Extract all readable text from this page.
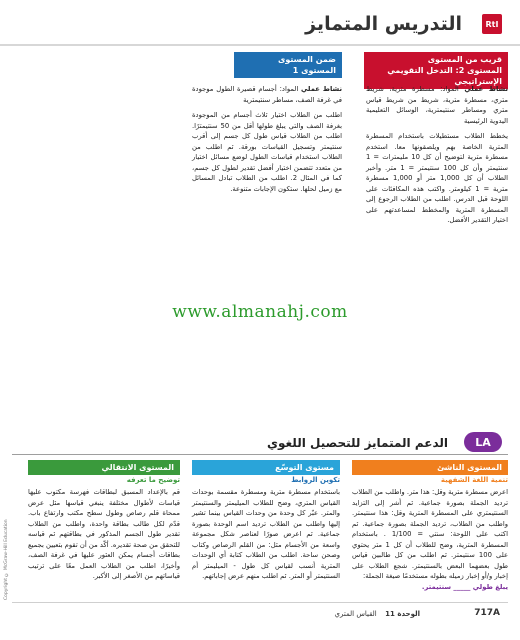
التدريس المتمايز	RtI
قريب من المستوى
المستوى 2: التدخل التقويمي الإستراتيجي

نشاط عملي المواد: مسطرة مترية، شريط متري، مسطرة مترية، شريط من شريط قياس متري ومساطر سنتيمترية، الوسائل التعليمية اليدوية الرئيسية

يخطط الطلاب مستطيلات باستخدام المسطرة المترية الخاصة بهم ويلصقونها معا. استخدم مسطرة مترية لتوضيح أن كل 10 مليمترات = 1 سنتيمتر وأن كل 100 سنتيمتر = 1 متر. وأخبر الطلاب أن كل 1,000 متر أو 1,000 مسطرة مترية = 1 كيلومتر. واكتب هذه المكافئات على اللوحة قبل الدرس. اطلب من الطلاب الرجوع إلى المسطرة المترية والمخطط لمساعدتهم على اختيار التقدير الأفضل.

ضمن المستوى
المستوى 1

نشاط عملي المواد: أجسام قصيرة الطول موجودة في غرفة الصف، مساطر سنتيمترية

اطلب من الطلاب اختيار ثلاث أجسام من الموجودة بغرفة الصف والتي يبلغ طولها أقل من 50 سنتيمترًا. اطلب من الطلاب قياس طول كل جسم إلى أقرب سنتيمتر وتسجيل القياسات بورقة. ثم اطلب من الطلاب استخدام قياسات الطول لوضع مسائل اختيار من متعدد تتضمن اختيار أفضل تقدير لطول كل جسم، كما في المثال 2. اطلب من الطلاب تبادل المسائل مع زميل لحلها. ستكون الإجابات متنوعة.

www.almanahj.com
LA
الدعم المتمايز للتحصيل اللغوي
المستوى الناشئ
تنمية اللغة الشفهية

اعرض مسطرة مترية وقل: هذا متر. واطلب من الطلاب ترديد الجملة بصورة جماعية. ثم أشر إلى التزايد السنتيمتري على المسطرة المترية وقل: هذا سنتيمتر. واطلب من الطلاب، ترديد الجملة بصورة جماعية. ثم اكتب على اللوحة: سنتي = 1/100 . باستخدام المسطرة المترية، وضح للطلاب أن كل 1 متر يحتوي على 100 سنتيمتر. ثم اطلب من كل طالبين قياس طول بعضهما البعض بالسنتيمتر. شجع الطلاب على إخبار و/أو إخبار زميله بطوله مستخدمًا صيغة الجملة:

يبلغ طولي _____ سنتيمتر.

مستوى التوسّع
تكوين الروابط

باستخدام مسطرة مترية ومسطرة مقسمة بوحدات القياس المتري، وضح للطلاب الميليمتر والسنتيمتر والمتر. عبّر كل وحدة من وحدات القياس بينما تشير إليها واطلب من الطلاب ترديد اسم الوحدة بصورة جماعية. ثم اعرض صورًا لعناصر شكل مجموعة واسعة من الأجسام مثل: من القلم الرصاص وكتاب وصحن ساحة. اطلب من الطلاب كتابة أي الوحدات المترية أنسب لقياس كل طول - الميليمتر أم السنتيمتر أو المتر. ثم اطلب منهم عرض إجاباتهم.

المستوى الانتقالي
توضيح ما تعرفه

قم بالإعداد المسبق لبطاقات فهرسة مكتوب عليها قياسات لأطوال مختلفة ينبغي قياسها مثل عرض ممحاة قلم رصاص وطول سطح مكتب وارتفاع باب. قدّم لكل طالب بطاقة واحدة، واطلب من الطلاب تقدير طول الجسم المذكور في بطاقتهم ثم قياسه للتحقق من صحة تقديره. أكّد من أن تقوم بتعيين بجميع بطاقات أجسام يمكن العثور عليها في غرفة الصف، وأخيرًا، اطلب من الطلاب العمل معًا على ترتيب قياساتهم من الأصغر إلى الأكبر.

Copyright © McGraw-Hill Education
الوحدة 11 القياس المتري	717A
